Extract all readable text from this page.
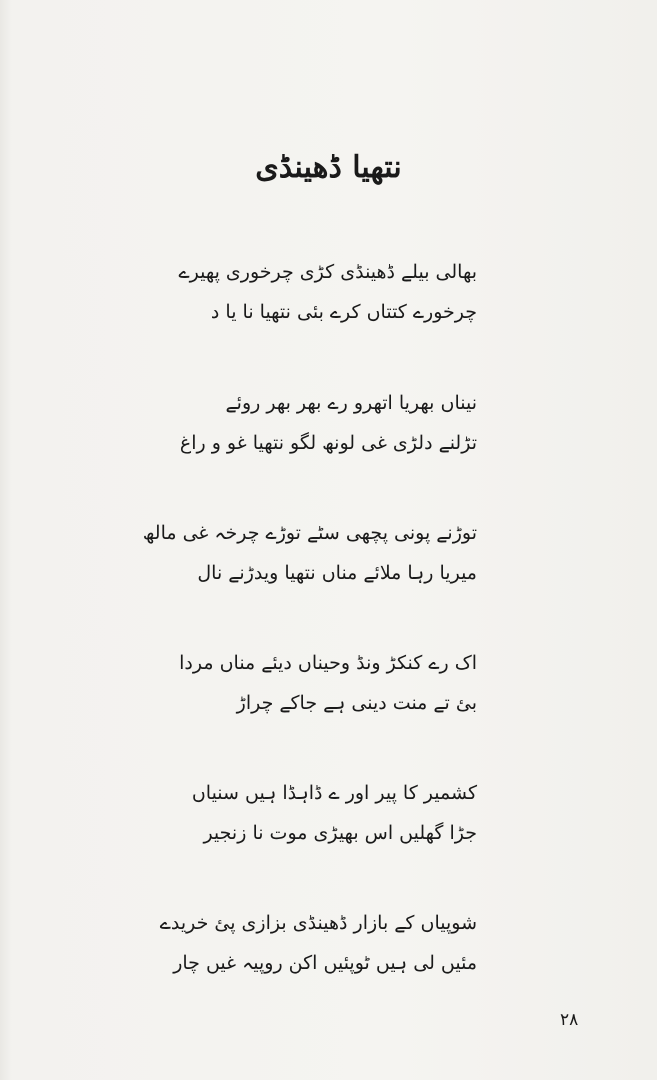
نتھیا ڈھینڈی
بھالی بیلے ڈھینڈی کڑی چرخوری پھیرے
چرخورے کتتاں کرے بئی نتھیا نا یا د
نیناں بھریا اتھرو رے بھر بھر روئے
تڑلنے دلڑی غی لونھ لگو نتھیا غو و راغ
توڑنے پونی پچھی سٹے توڑے چرخہ غی مالھ
میریا رہا ملائے مناں نتھیا ویدڑنے نال
اک رے کنکڑ ونڈ وحیناں دیئے مناں مردا
بئ تے منت دینی ہے جاکے چراڑ
کشمیر کا پیر اور ے ڈاہڈا ہیں سنیاں
جڑا گھلیں اس بھیڑی موت نا زنجیر
شوپیاں کے بازار ڈھینڈی بزازی پئ خریدے
مئیں لی ہیں ٹوپئیں اکن روپیہ غیں چار
۲۸
